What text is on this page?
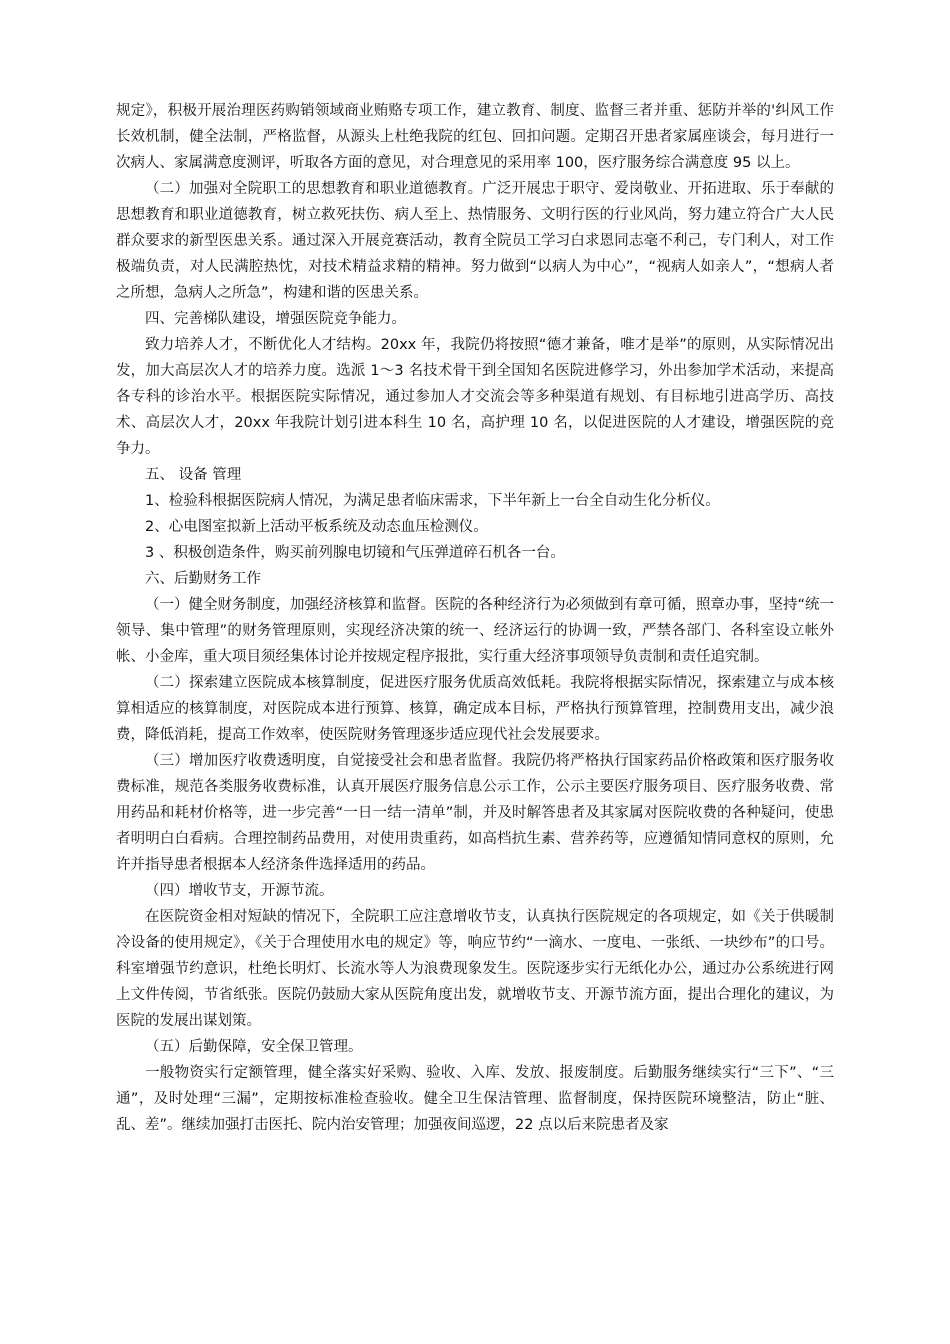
规定》，积极开展治理医药购销领域商业贿赂专项工作，建立教育、制度、监督三者并重、惩防并举的'纠风工作长效机制，健全法制，严格监督，从源头上杜绝我院的红包、回扣问题。定期召开患者家属座谈会，每月进行一次病人、家属满意度测评，听取各方面的意见，对合理意见的采用率 100，医疗服务综合满意度 95 以上。

（二）加强对全院职工的思想教育和职业道德教育。广泛开展忠于职守、爱岗敬业、开拓进取、乐于奉献的思想教育和职业道德教育，树立救死扶伤、病人至上、热情服务、文明行医的行业风尚，努力建立符合广大人民群众要求的新型医患关系。通过深入开展竞赛活动，教育全院员工学习白求恩同志毫不利己，专门利人，对工作极端负责，对人民满腔热忱，对技术精益求精的精神。努力做到“以病人为中心”，“视病人如亲人”，“想病人者之所想，急病人之所急”，构建和谐的医患关系。

四、完善梯队建设，增强医院竞争能力。

致力培养人才，不断优化人才结构。20xx 年，我院仍将按照“德才兼备，唯才是举”的原则，从实际情况出发，加大高层次人才的培养力度。选派 1～3 名技术骨干到全国知名医院进修学习，外出参加学术活动，来提高各专科的诊治水平。根据医院实际情况，通过参加人才交流会等多种渠道有规划、有目标地引进高学历、高技术、高层次人才，20xx 年我院计划引进本科生 10 名，高护理 10 名，以促进医院的人才建设，增强医院的竞争力。

五、 设备 管理

1、检验科根据医院病人情况，为满足患者临床需求，下半年新上一台全自动生化分析仪。

2、心电图室拟新上活动平板系统及动态血压检测仪。

3 、积极创造条件，购买前列腺电切镜和气压弹道碎石机各一台。

六、后勤财务工作

（一）健全财务制度，加强经济核算和监督。医院的各种经济行为必须做到有章可循，照章办事，坚持“统一领导、集中管理”的财务管理原则，实现经济决策的统一、经济运行的协调一致，严禁各部门、各科室设立帐外帐、小金库，重大项目须经集体讨论并按规定程序报批，实行重大经济事项领导负责制和责任追究制。

（二）探索建立医院成本核算制度，促进医疗服务优质高效低耗。我院将根据实际情况，探索建立与成本核算相适应的核算制度，对医院成本进行预算、核算，确定成本目标，严格执行预算管理，控制费用支出，减少浪费，降低消耗，提高工作效率，使医院财务管理逐步适应现代社会发展要求。

（三）增加医疗收费透明度，自觉接受社会和患者监督。我院仍将严格执行国家药品价格政策和医疗服务收费标准，规范各类服务收费标准，认真开展医疗服务信息公示工作，公示主要医疗服务项目、医疗服务收费、常用药品和耗材价格等，进一步完善“一日一结一清单”制，并及时解答患者及其家属对医院收费的各种疑问，使患者明明白白看病。合理控制药品费用，对使用贵重药，如高档抗生素、营养药等，应遵循知情同意权的原则，允许并指导患者根据本人经济条件选择适用的药品。

（四）增收节支，开源节流。

在医院资金相对短缺的情况下，全院职工应注意增收节支，认真执行医院规定的各项规定，如《关于供暖制冷设备的使用规定》，《关于合理使用水电的规定》等，响应节约“一滴水、一度电、一张纸、一块纱布”的口号。科室增强节约意识，杜绝长明灯、长流水等人为浪费现象发生。医院逐步实行无纸化办公，通过办公系统进行网上文件传阅，节省纸张。医院仍鼓励大家从医院角度出发，就增收节支、开源节流方面，提出合理化的建议，为医院的发展出谋划策。

（五）后勤保障，安全保卫管理。

一般物资实行定额管理，健全落实好采购、验收、入库、发放、报废制度。后勤服务继续实行“三下”、“三通”，及时处理“三漏”，定期按标准检查验收。健全卫生保洁管理、监督制度，保持医院环境整洁，防止“脏、乱、差”。继续加强打击医托、院内治安管理；加强夜间巡逻，22 点以后来院患者及家
